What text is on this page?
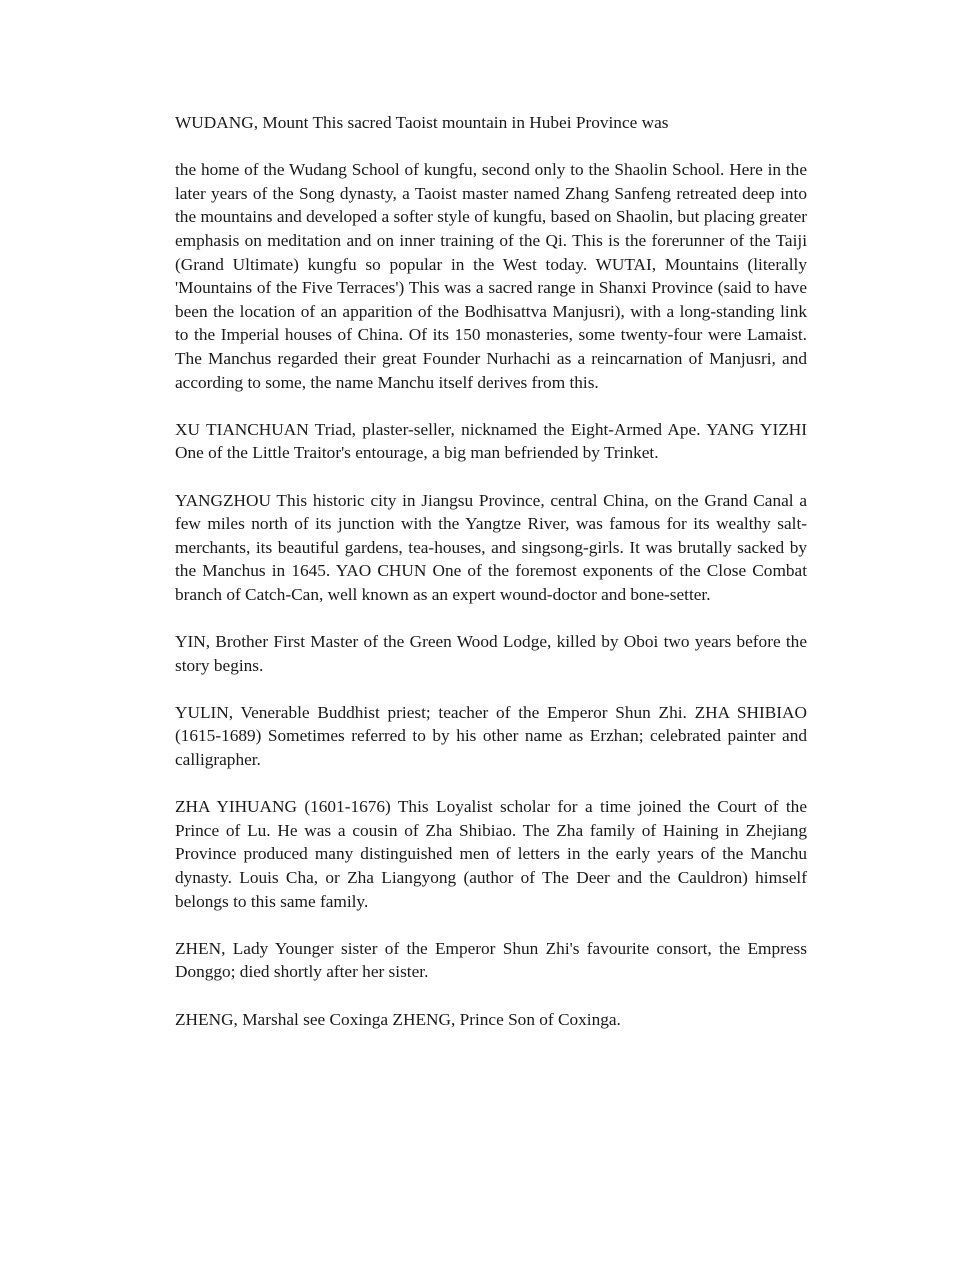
WUDANG, Mount This sacred Taoist mountain in Hubei Province was

the home of the Wudang School of kungfu, second only to the Shaolin School. Here in the later years of the Song dynasty, a Taoist master named Zhang Sanfeng retreated deep into the mountains and developed a softer style of kungfu, based on Shaolin, but placing greater emphasis on meditation and on inner training of the Qi. This is the forerunner of the Taiji (Grand Ultimate) kungfu so popular in the West today. WUTAI, Mountains (literally 'Mountains of the Five Terraces') This was a sacred range in Shanxi Province (said to have been the location of an apparition of the Bodhisattva Manjusri), with a long-standing link to the Imperial houses of China. Of its 150 monasteries, some twenty-four were Lamaist. The Manchus regarded their great Founder Nurhachi as a reincarnation of Manjusri, and according to some, the name Manchu itself derives from this.

XU TIANCHUAN Triad, plaster-seller, nicknamed the Eight-Armed Ape. YANG YIZHI One of the Little Traitor's entourage, a big man befriended by Trinket.

YANGZHOU This historic city in Jiangsu Province, central China, on the Grand Canal a few miles north of its junction with the Yangtze River, was famous for its wealthy salt-merchants, its beautiful gardens, tea-houses, and singsong-girls. It was brutally sacked by the Manchus in 1645. YAO CHUN One of the foremost exponents of the Close Combat branch of Catch-Can, well known as an expert wound-doctor and bone-setter.

YIN, Brother First Master of the Green Wood Lodge, killed by Oboi two years before the story begins.

YULIN, Venerable Buddhist priest; teacher of the Emperor Shun Zhi. ZHA SHIBIAO (1615-1689) Sometimes referred to by his other name as Erzhan; celebrated painter and calligrapher.

ZHA YIHUANG (1601-1676) This Loyalist scholar for a time joined the Court of the Prince of Lu. He was a cousin of Zha Shibiao. The Zha family of Haining in Zhejiang Province produced many distinguished men of letters in the early years of the Manchu dynasty. Louis Cha, or Zha Liangyong (author of The Deer and the Cauldron) himself belongs to this same family.

ZHEN, Lady Younger sister of the Emperor Shun Zhi's favourite consort, the Empress Donggo; died shortly after her sister.

ZHENG, Marshal see Coxinga ZHENG, Prince Son of Coxinga.
